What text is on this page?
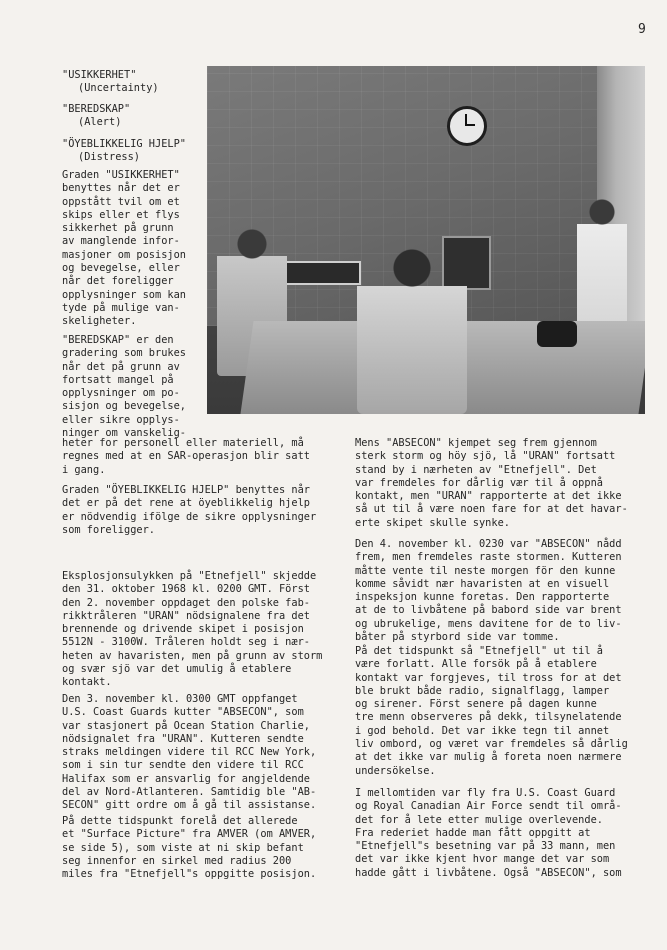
9

"USIKKERHET"

(Uncertainty)

"BEREDSKAP"

(Alert)

"ÖYEBLIKKELIG HJELP"

(Distress)

Graden "USIKKERHET"
benyttes når det er
oppstått tvil om et
skips eller et flys
sikkerhet på grunn
av manglende infor-
masjoner om posisjon
og bevegelse, eller
når det foreligger
opplysninger som kan
tyde på mulige van-
skeligheter.

"BEREDSKAP" er den
gradering som brukes
når det på grunn av
fortsatt mangel på
opplysninger om po-
sisjon og bevegelse,
eller sikre opplys-
ninger om vanskelig-

heter for personell eller materiell, må
regnes med at en SAR-operasjon blir satt
i gang.

Graden "ÖYEBLIKKELIG HJELP" benyttes når
det er på det rene at öyeblikkelig hjelp
er nödvendig ifölge de sikre opplysninger
som foreligger.

Eksplosjonsulykken på "Etnefjell" skjedde
den 31. oktober 1968 kl. 0200 GMT. Först
den 2. november oppdaget den polske fab-
rikktråleren "URAN" nödsignalene fra det
brennende og drivende skipet i posisjon
5512N - 3100W. Tråleren holdt seg i nær-
heten av havaristen, men på grunn av storm
og svær sjö var det umulig å etablere
kontakt.

Den 3. november kl. 0300 GMT oppfanget
U.S. Coast Guards kutter "ABSECON", som
var stasjonert på Ocean Station Charlie,
nödsignalet fra "URAN". Kutteren sendte
straks meldingen videre til RCC New York,
som i sin tur sendte den videre til RCC
Halifax som er ansvarlig for angjeldende
del av Nord-Atlanteren. Samtidig ble "AB-
SECON" gitt ordre om å gå til assistanse.

På dette tidspunkt forelå det allerede
et "Surface Picture" fra AMVER (om AMVER,
se side 5), som viste at ni skip befant
seg innenfor en sirkel med radius 200
miles fra "Etnefjell"s oppgitte posisjon.

Mens "ABSECON" kjempet seg frem gjennom
sterk storm og höy sjö, lå "URAN" fortsatt
stand by i nærheten av "Etnefjell". Det
var fremdeles for dårlig vær til å oppnå
kontakt, men "URAN" rapporterte at det ikke
så ut til å være noen fare for at det havar-
erte skipet skulle synke.

Den 4. november kl. 0230 var "ABSECON" nådd
frem, men fremdeles raste stormen. Kutteren
måtte vente til neste morgen för den kunne
komme såvidt nær havaristen at en visuell
inspeksjon kunne foretas. Den rapporterte
at de to livbåtene på babord side var brent
og ubrukelige, mens davitene for de to liv-
båter på styrbord side var tomme.

På det tidspunkt så "Etnefjell" ut til å
være forlatt. Alle forsök på å etablere
kontakt var forgjeves, til tross for at det
ble brukt både radio, signalflagg, lamper
og sirener. Först senere på dagen kunne
tre menn observeres på dekk, tilsynelatende
i god behold. Det var ikke tegn til annet
liv ombord, og været var fremdeles så dårlig
at det ikke var mulig å foreta noen nærmere
undersökelse.

I mellomtiden var fly fra U.S. Coast Guard
og Royal Canadian Air Force sendt til områ-
det for å lete etter mulige overlevende.
Fra rederiet hadde man fått oppgitt at
"Etnefjell"s besetning var på 33 mann, men
det var ikke kjent hvor mange det var som
hadde gått i livbåtene. Også "ABSECON", som
